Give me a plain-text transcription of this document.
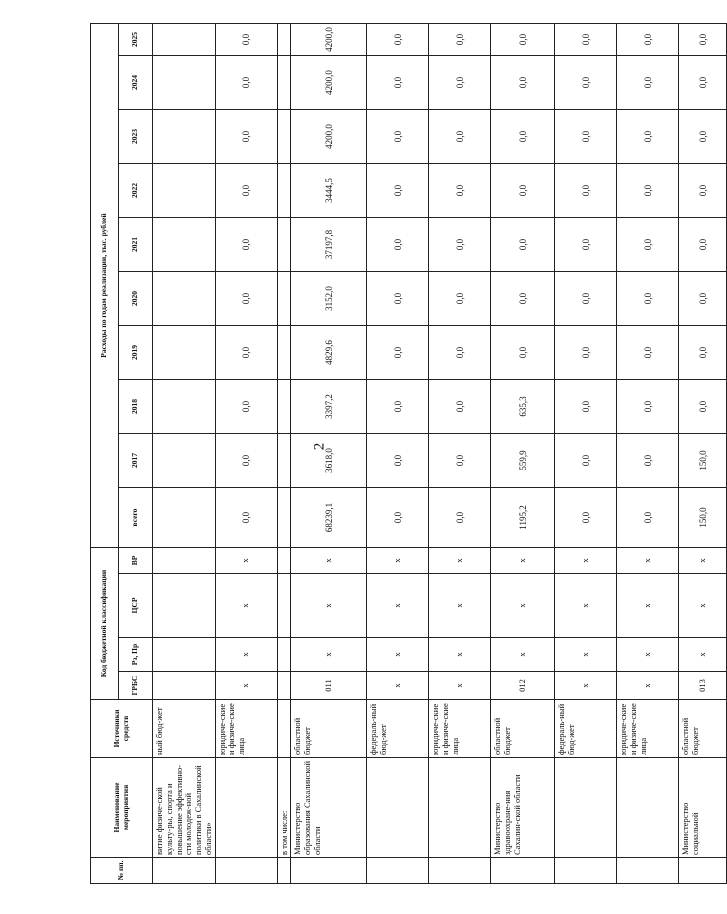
2
№ пп.	Наименование мероприятия	Источники средств	Код бюджетной классификации				Расходы по годам реализации, тыс. рублей										
			ГРБС	Рз, Пр	ЦСР	ВР	всего	2017	2018	2019	2020	2021	2022	2023	2024	2025	
	витие физиче-ской культу-ры, спорта и повышение эффективно-сти молодеж-ной политики в Сахалинской области»	ный бюд-жет															
		юридиче-ские и физиче-ские лица	x	x	x	x	0,0	0,0	0,0	0,0	0,0	0,0	0,0	0,0	0,0	0,0	
	в том числе:																
	Министерство образования Сахалинской области	областной бюджет	011	x	x	x	68239,1	3618,0	3397,2	4829,6	3152,0	37197,8	3444,5	4200,0	4200,0	4200,0	
		федераль-ный бюд-жет	x	x	x	x	0,0	0,0	0,0	0,0	0,0	0,0	0,0	0,0	0,0	0,0	
		юридиче-ские и физиче-ские лица	x	x	x	x	0,0	0,0	0,0	0,0	0,0	0,0	0,0	0,0	0,0	0,0	
	Министерство здравоохране-ния Сахалин-ской области	областной бюджет	012	x	x	x	1195,2	559,9	635,3	0,0	0,0	0,0	0,0	0,0	0,0	0,0	
		федераль-ный бюд-жет	x	x	x	x	0,0	0,0	0,0	0,0	0,0	0,0	0,0	0,0	0,0	0,0	
		юридиче-ские и физиче-ские лица	x	x	x	x	0,0	0,0	0,0	0,0	0,0	0,0	0,0	0,0	0,0	0,0	
	Министерство социальной	областной бюджет	013	x	x	x	150,0	150,0	0,0	0,0	0,0	0,0	0,0	0,0	0,0	0,0	
